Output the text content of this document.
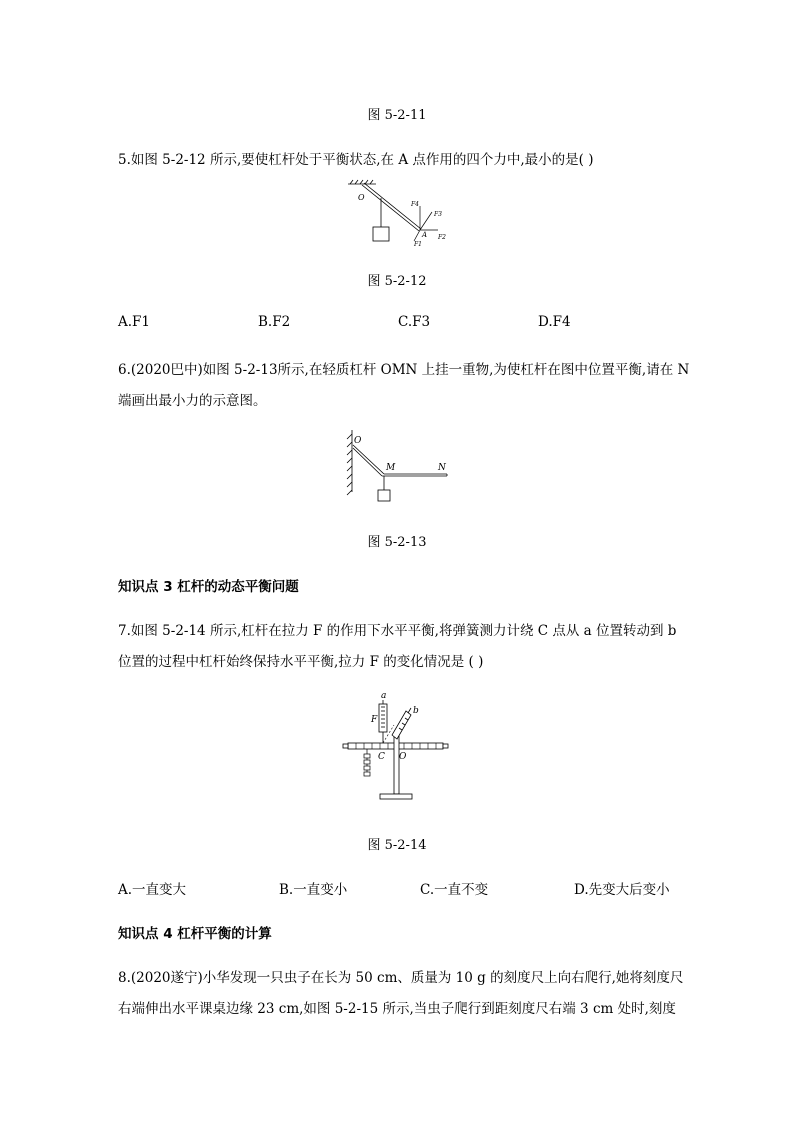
图 5-2-11
5.如图 5-2-12 所示,要使杠杆处于平衡状态,在 A 点作用的四个力中,最小的是( )
O
A
F4
F3
F2
F1
图 5-2-12
A.F1	B.F2	C.F3	D.F4
6.(2020巴中)如图 5-2-13所示,在轻质杠杆 OMN 上挂一重物,为使杠杆在图中位置平衡,请在 N
端画出最小力的示意图。
O
M	N
图 5-2-13
知识点 3 杠杆的动态平衡问题
7.如图 5-2-14 所示,杠杆在拉力 F 的作用下水平平衡,将弹簧测力计绕 C 点从 a 位置转动到 b
位置的过程中杠杆始终保持水平平衡,拉力 F 的变化情况是 ( )
a
b
F
C O
图 5-2-14
A.一直变大	B.一直变小	C.一直不变	D.先变大后变小
知识点 4 杠杆平衡的计算
8.(2020遂宁)小华发现一只虫子在长为 50 cm、质量为 10 g 的刻度尺上向右爬行,她将刻度尺
右端伸出水平课桌边缘 23 cm,如图 5-2-15 所示,当虫子爬行到距刻度尺右端 3 cm 处时,刻度
